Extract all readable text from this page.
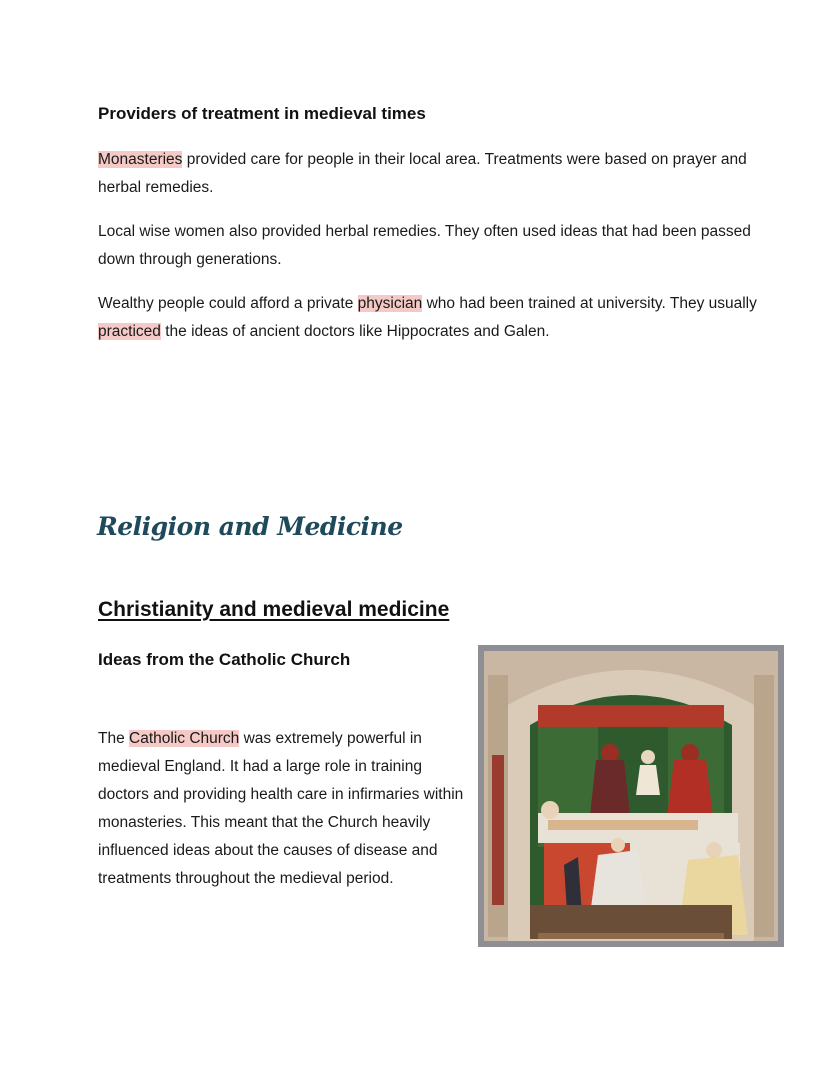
Providers of treatment in medieval times

Monasteries provided care for people in their local area. Treatments were based on prayer and herbal remedies.

Local wise women also provided herbal remedies. They often used ideas that had been passed down through generations.

Wealthy people could afford a private physician who had been trained at university. They usually practiced the ideas of ancient doctors like Hippocrates and Galen.

Religion and Medicine
Christianity and medieval medicine
Ideas from the Catholic Church

The Catholic Church was extremely powerful in medieval England. It had a large role in training doctors and providing health care in infirmaries within monasteries. This meant that the Church heavily influenced ideas about the causes of disease and treatments throughout the medieval period.
